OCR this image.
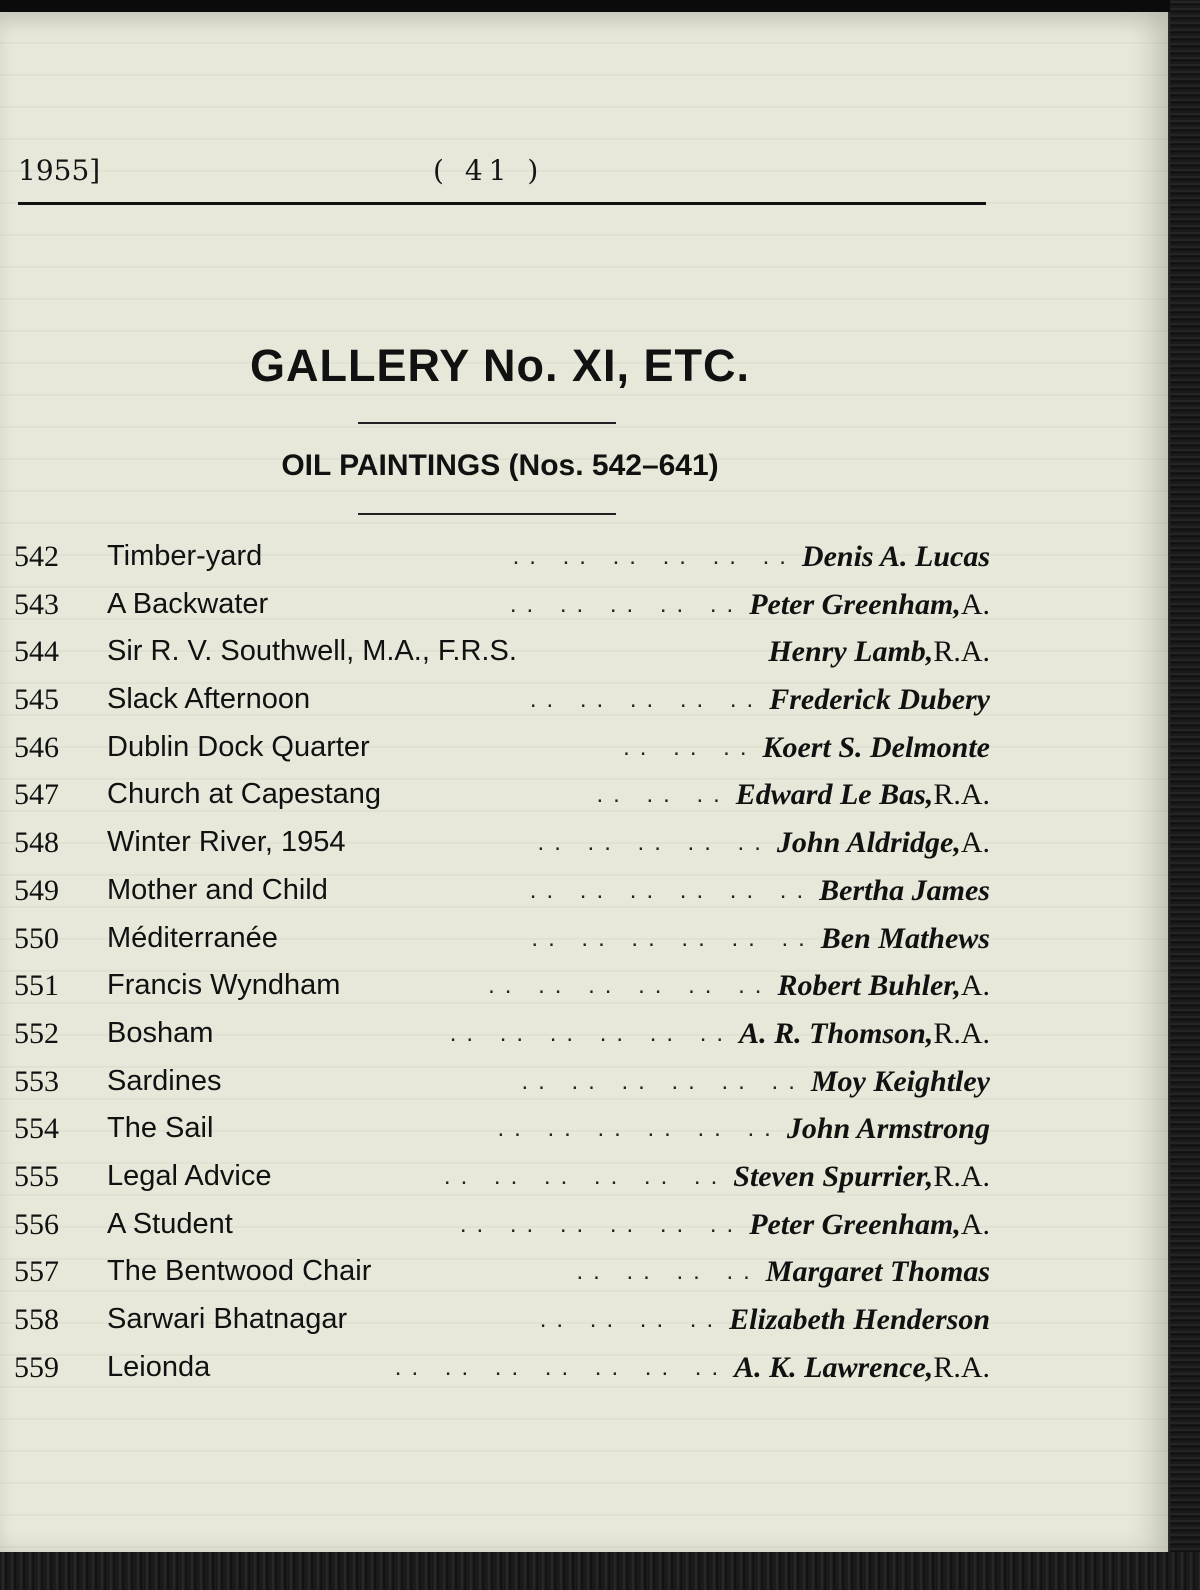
1955]	( 41 )
GALLERY No. XI, ETC.
OIL PAINTINGS (Nos. 542–641)
542	Timber-yard	.. .. .. .. .. .. Denis A. Lucas
543	A Backwater	.. .. .. .. .. Peter Greenham, A.
544	Sir R. V. Southwell, M.A., F.R.S.	Henry Lamb, R.A.
545	Slack Afternoon	.. .. .. .. .. Frederick Dubery
546	Dublin Dock Quarter	.. .. .. Koert S. Delmonte
547	Church at Capestang	.. .. .. Edward Le Bas, R.A.
548	Winter River, 1954	.. .. .. .. .. John Aldridge, A.
549	Mother and Child	.. .. .. .. .. .. Bertha James
550	Méditerranée	.. .. .. .. .. .. Ben Mathews
551	Francis Wyndham	.. .. .. .. .. .. Robert Buhler, A.
552	Bosham	.. .. .. .. .. .. A. R. Thomson, R.A.
553	Sardines	.. .. .. .. .. .. Moy Keightley
554	The Sail	.. .. .. .. .. .. John Armstrong
555	Legal Advice	.. .. .. .. .. .. Steven Spurrier, R.A.
556	A Student	.. .. .. .. .. .. Peter Greenham, A.
557	The Bentwood Chair	.. .. .. .. Margaret Thomas
558	Sarwari Bhatnagar	.. .. .. .. Elizabeth Henderson
559	Leionda	.. .. .. .. .. .. .. A. K. Lawrence, R.A.
